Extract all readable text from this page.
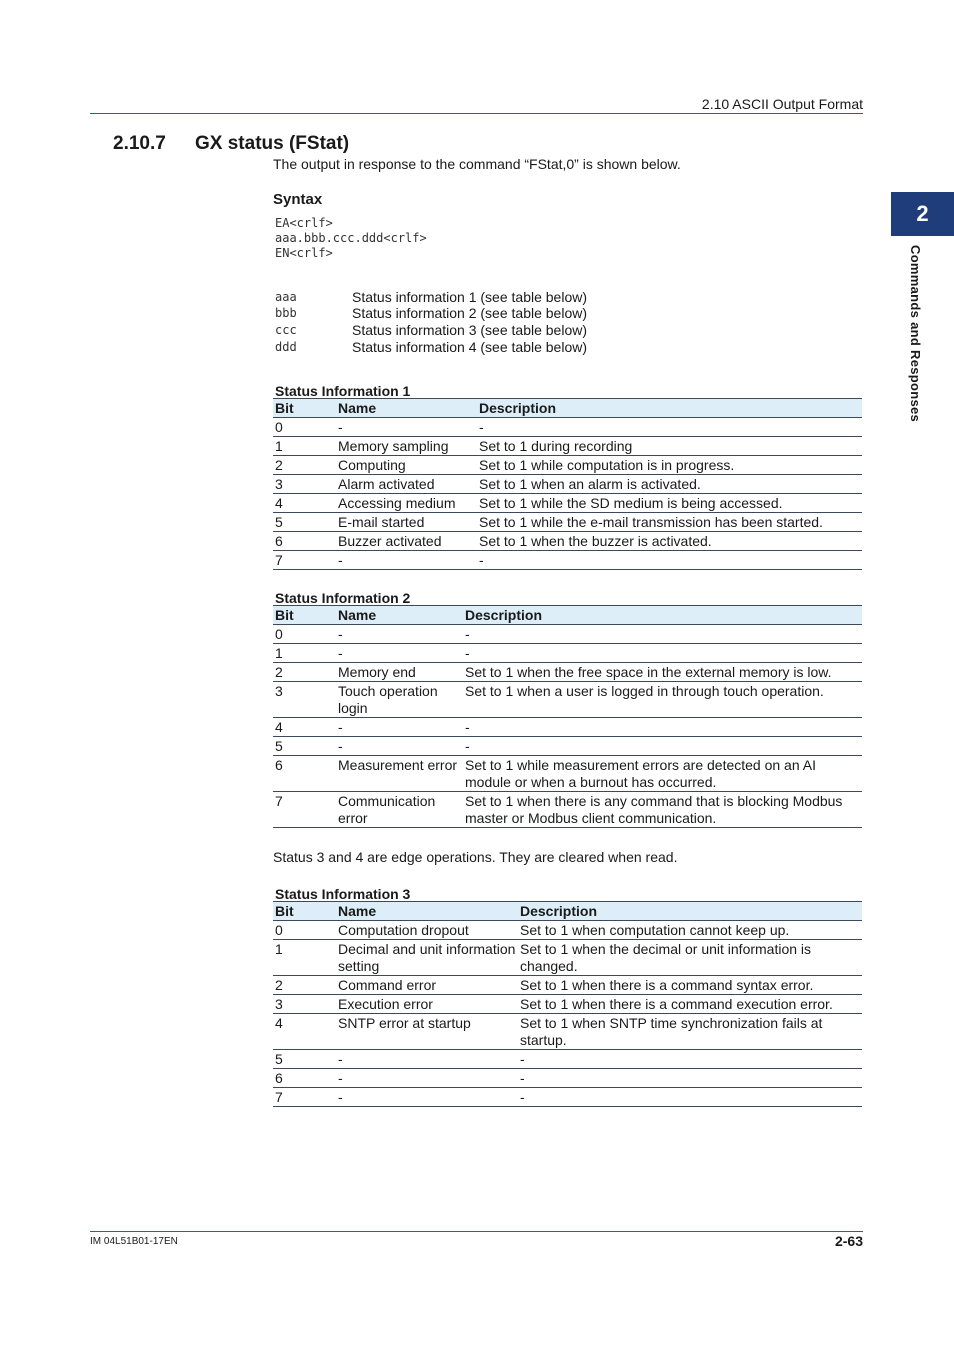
2.10 ASCII Output Format
2.10.7 GX status (FStat)
The output in response to the command “FStat,0” is shown below.
Syntax
EA<crlf>
aaa.bbb.ccc.ddd<crlf>
EN<crlf>
aaa	Status information 1 (see table below)
bbb	Status information 2 (see table below)
ccc	Status information 3 (see table below)
ddd	Status information 4 (see table below)
Status Information 1
Bit	Name	Description
0	-	-
1	Memory sampling	Set to 1 during recording
2	Computing	Set to 1 while computation is in progress.
3	Alarm activated	Set to 1 when an alarm is activated.
4	Accessing medium	Set to 1 while the SD medium is being accessed.
5	E-mail started	Set to 1 while the e-mail transmission has been started.
6	Buzzer activated	Set to 1 when the buzzer is activated.
7	-	-
Status Information 2
Bit	Name	Description
0	-	-
1	-	-
2	Memory end	Set to 1 when the free space in the external memory is low.
3	Touch operation login	Set to 1 when a user is logged in through touch operation.
4	-	-
5	-	-
6	Measurement error	Set to 1 while measurement errors are detected on an AI module or when a burnout has occurred.
7	Communication error	Set to 1 when there is any command that is blocking Modbus master or Modbus client communication.
Status 3 and 4 are edge operations. They are cleared when read.
Status Information 3
Bit	Name	Description
0	Computation dropout	Set to 1 when computation cannot keep up.
1	Decimal and unit information setting	Set to 1 when the decimal or unit information is changed.
2	Command error	Set to 1 when there is a command syntax error.
3	Execution error	Set to 1 when there is a command execution error.
4	SNTP error at startup	Set to 1 when SNTP time synchronization fails at startup.
5	-	-
6	-	-
7	-	-
2
Commands and Responses
IM 04L51B01-17EN	2-63
